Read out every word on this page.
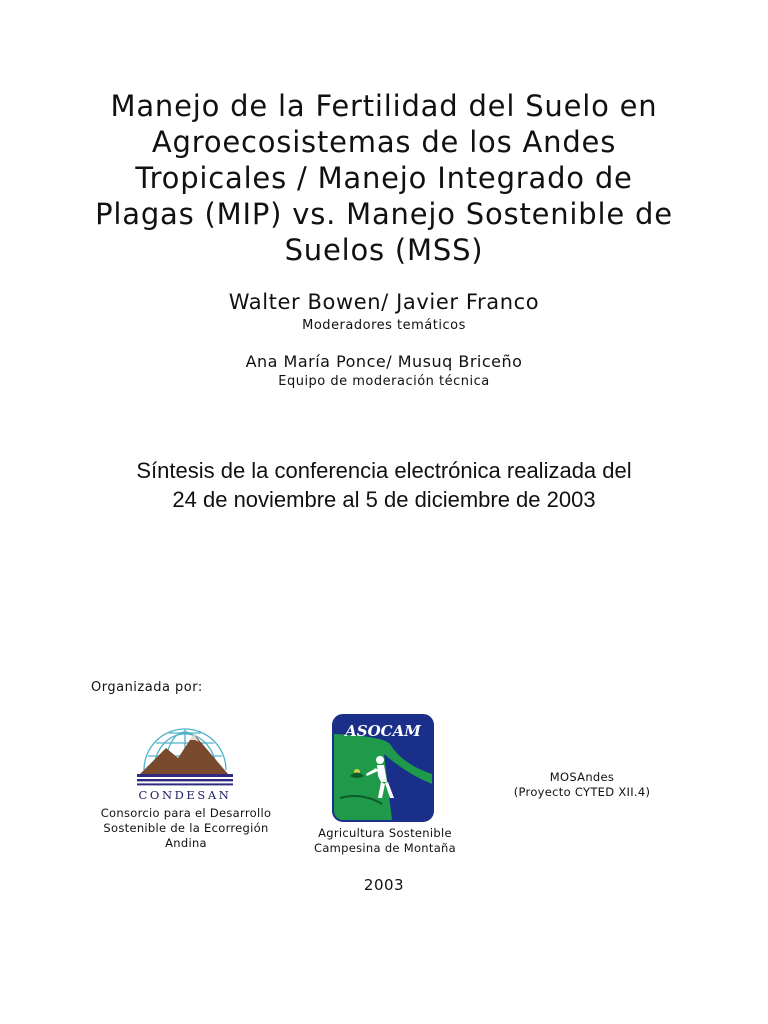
Manejo de la Fertilidad del Suelo en
Agroecosistemas de los Andes
Tropicales / Manejo Integrado de
Plagas (MIP) vs. Manejo Sostenible de
Suelos (MSS)
Walter Bowen/ Javier Franco
Moderadores temáticos
Ana María Ponce/ Musuq Briceño
Equipo de moderación técnica
Síntesis de la conferencia electrónica realizada del
24 de noviembre al 5 de diciembre de 2003
Organizada por:
CONDESAN
Consorcio para el Desarrollo
Sostenible de la Ecorregión
Andina
ASOCAM
Agricultura Sostenible
Campesina de Montaña
MOSAndes
(Proyecto CYTED XII.4)
2003
